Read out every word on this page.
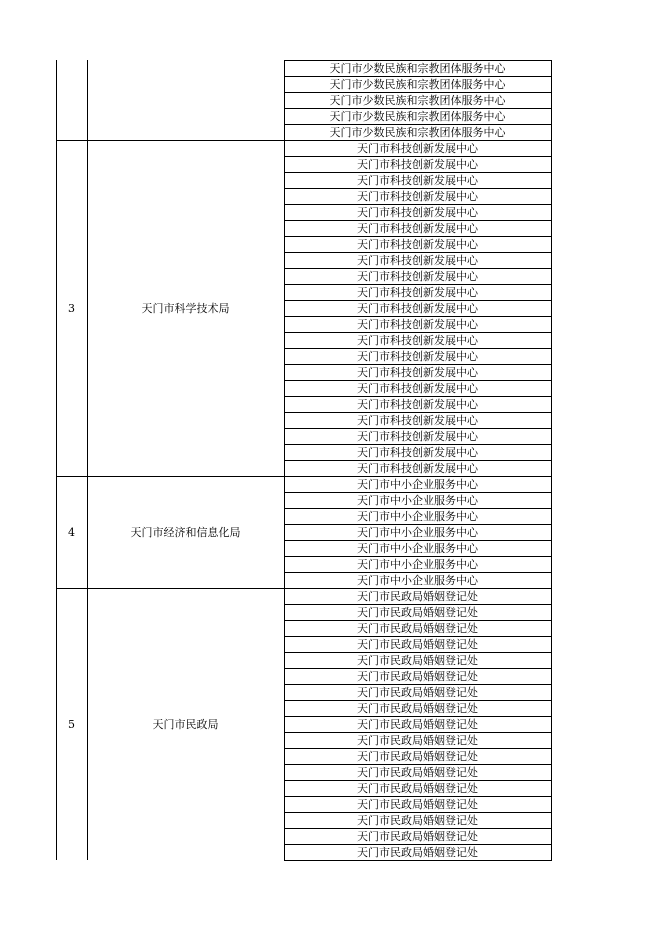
天门市少数民族和宗教团体服务中心
天门市少数民族和宗教团体服务中心
天门市少数民族和宗教团体服务中心
天门市少数民族和宗教团体服务中心
天门市少数民族和宗教团体服务中心
3	天门市科学技术局
天门市科技创新发展中心
天门市科技创新发展中心
天门市科技创新发展中心
天门市科技创新发展中心
天门市科技创新发展中心
天门市科技创新发展中心
天门市科技创新发展中心
天门市科技创新发展中心
天门市科技创新发展中心
天门市科技创新发展中心
天门市科技创新发展中心
天门市科技创新发展中心
天门市科技创新发展中心
天门市科技创新发展中心
天门市科技创新发展中心
天门市科技创新发展中心
天门市科技创新发展中心
天门市科技创新发展中心
天门市科技创新发展中心
天门市科技创新发展中心
天门市科技创新发展中心
4	天门市经济和信息化局
天门市中小企业服务中心
天门市中小企业服务中心
天门市中小企业服务中心
天门市中小企业服务中心
天门市中小企业服务中心
天门市中小企业服务中心
天门市中小企业服务中心
5	天门市民政局
天门市民政局婚姻登记处
天门市民政局婚姻登记处
天门市民政局婚姻登记处
天门市民政局婚姻登记处
天门市民政局婚姻登记处
天门市民政局婚姻登记处
天门市民政局婚姻登记处
天门市民政局婚姻登记处
天门市民政局婚姻登记处
天门市民政局婚姻登记处
天门市民政局婚姻登记处
天门市民政局婚姻登记处
天门市民政局婚姻登记处
天门市民政局婚姻登记处
天门市民政局婚姻登记处
天门市民政局婚姻登记处
天门市民政局婚姻登记处
